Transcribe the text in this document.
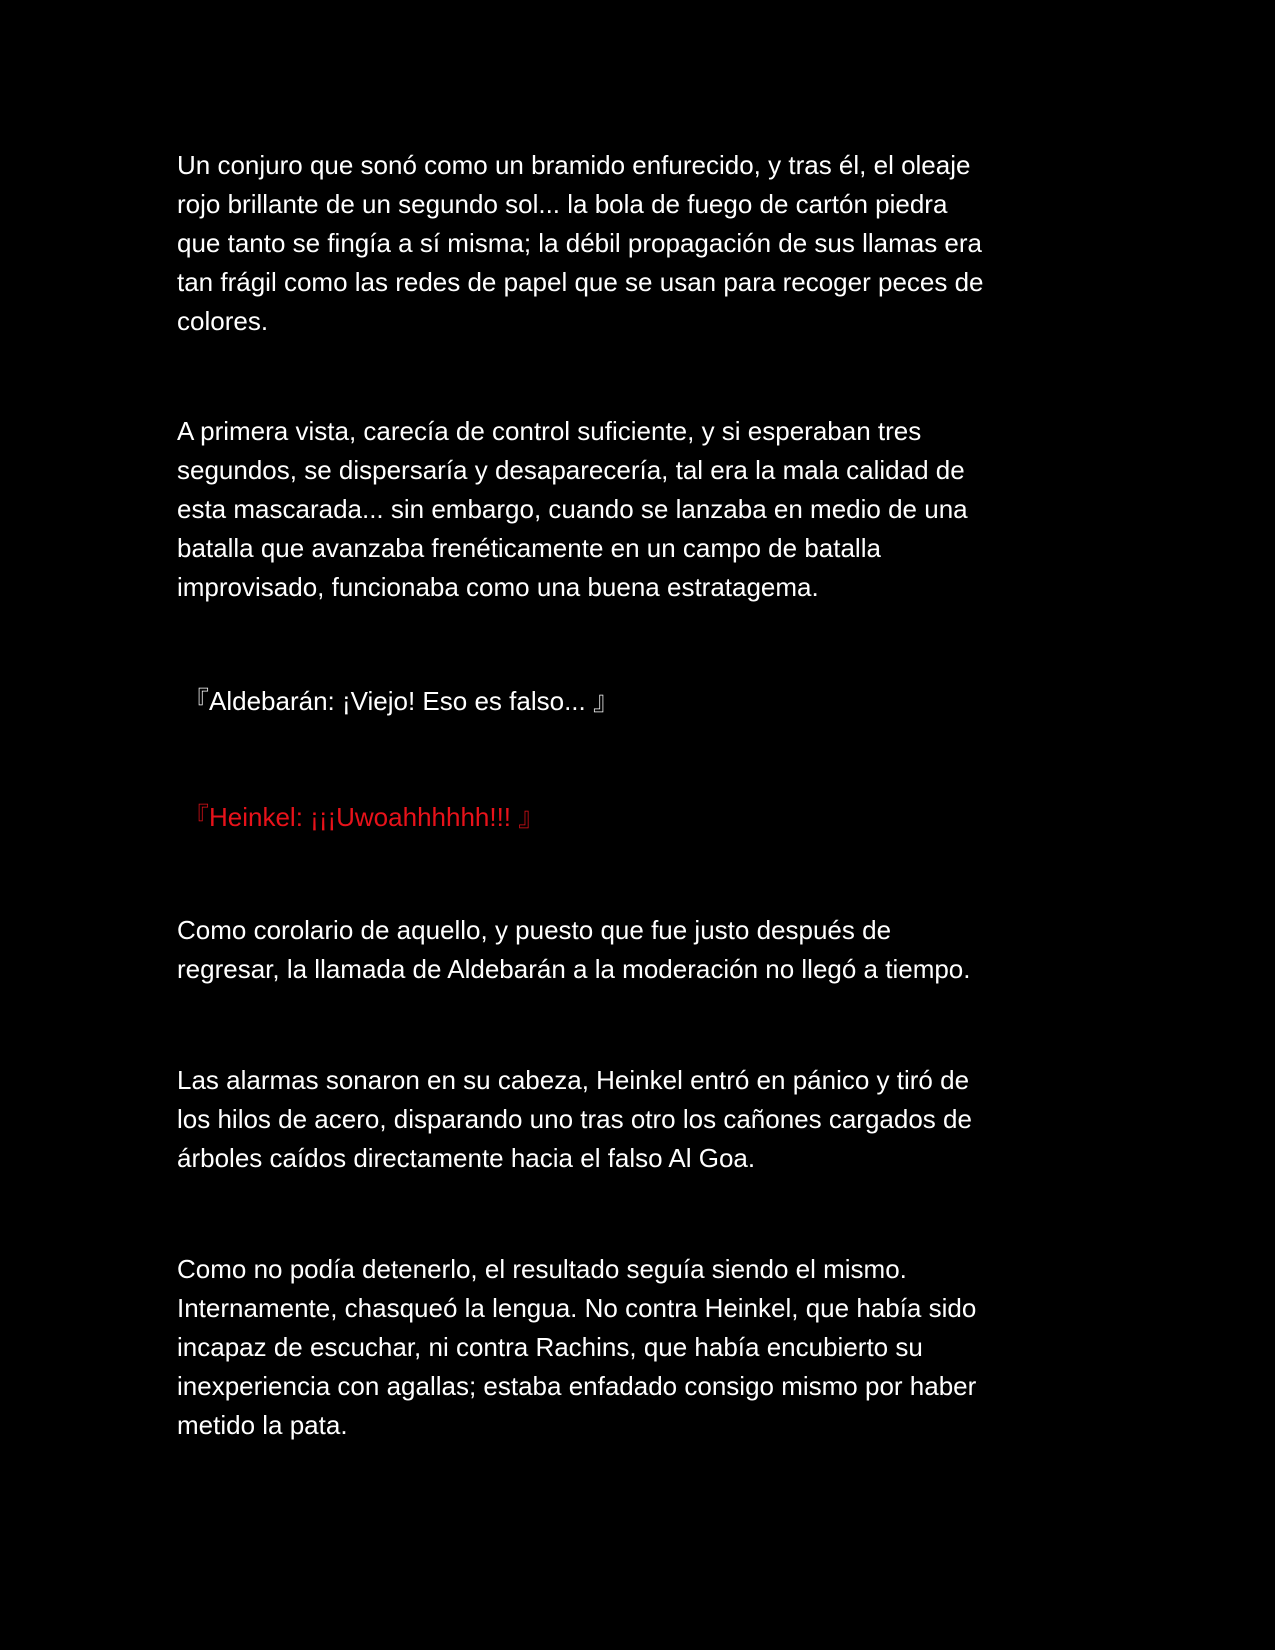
Un conjuro que sonó como un bramido enfurecido, y tras él, el oleaje
rojo brillante de un segundo sol... la bola de fuego de cartón piedra
que tanto se fingía a sí misma; la débil propagación de sus llamas era
tan frágil como las redes de papel que se usan para recoger peces de
colores.

A primera vista, carecía de control suficiente, y si esperaban tres
segundos, se dispersaría y desaparecería, tal era la mala calidad de
esta mascarada... sin embargo, cuando se lanzaba en medio de una
batalla que avanzaba frenéticamente en un campo de batalla
improvisado, funcionaba como una buena estratagema.

『Aldebarán: ¡Viejo! Eso es falso... 』

『Heinkel: ¡¡¡Uwoahhhhhh!!! 』

Como corolario de aquello, y puesto que fue justo después de
regresar, la llamada de Aldebarán a la moderación no llegó a tiempo.

Las alarmas sonaron en su cabeza, Heinkel entró en pánico y tiró de
los hilos de acero, disparando uno tras otro los cañones cargados de
árboles caídos directamente hacia el falso Al Goa.

Como no podía detenerlo, el resultado seguía siendo el mismo.
Internamente, chasqueó la lengua. No contra Heinkel, que había sido
incapaz de escuchar, ni contra Rachins, que había encubierto su
inexperiencia con agallas; estaba enfadado consigo mismo por haber
metido la pata.
